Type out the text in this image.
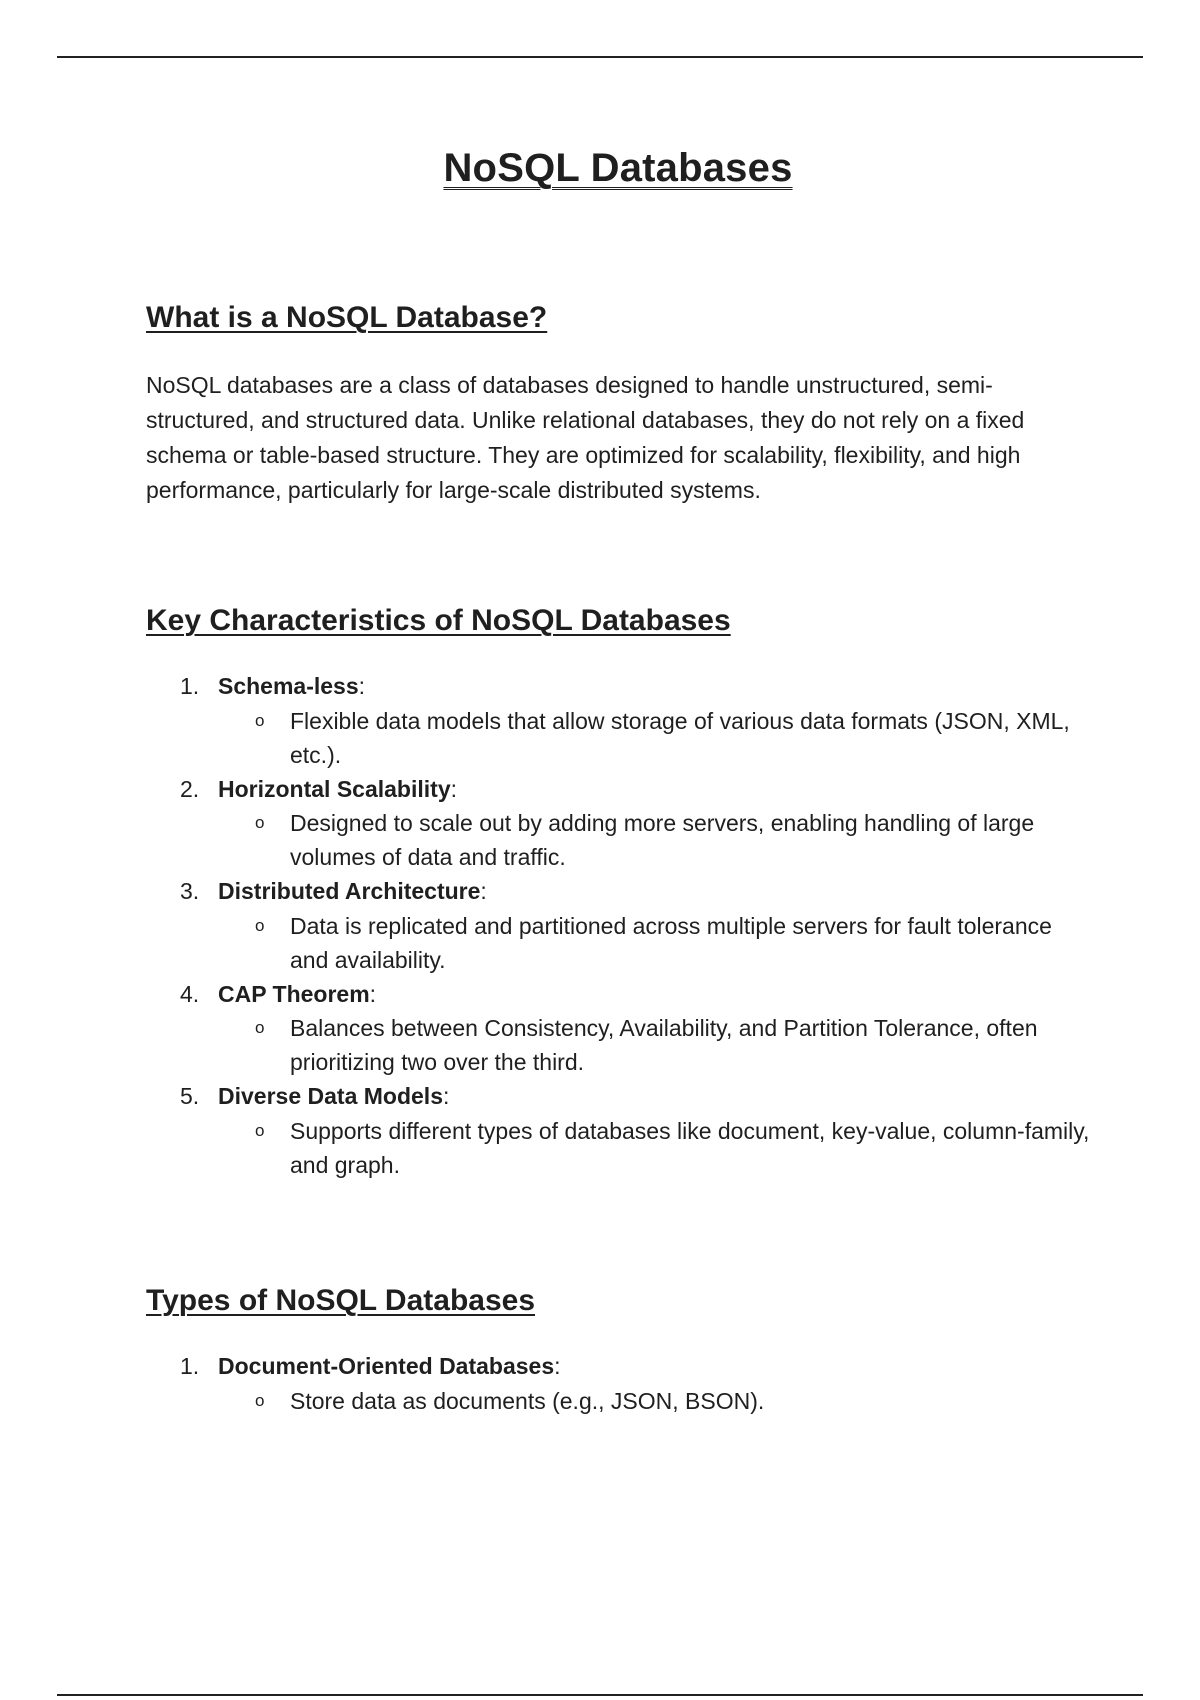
NoSQL Databases
What is a NoSQL Database?

NoSQL databases are a class of databases designed to handle unstructured, semi-structured, and structured data. Unlike relational databases, they do not rely on a fixed schema or table-based structure. They are optimized for scalability, flexibility, and high performance, particularly for large-scale distributed systems.

Key Characteristics of NoSQL Databases
1. Schema-less:
o Flexible data models that allow storage of various data formats (JSON, XML, etc.).
2. Horizontal Scalability:
o Designed to scale out by adding more servers, enabling handling of large volumes of data and traffic.
3. Distributed Architecture:
o Data is replicated and partitioned across multiple servers for fault tolerance and availability.
4. CAP Theorem:
o Balances between Consistency, Availability, and Partition Tolerance, often prioritizing two over the third.
5. Diverse Data Models:
o Supports different types of databases like document, key-value, column-family, and graph.
Types of NoSQL Databases
1. Document-Oriented Databases:
o Store data as documents (e.g., JSON, BSON).
